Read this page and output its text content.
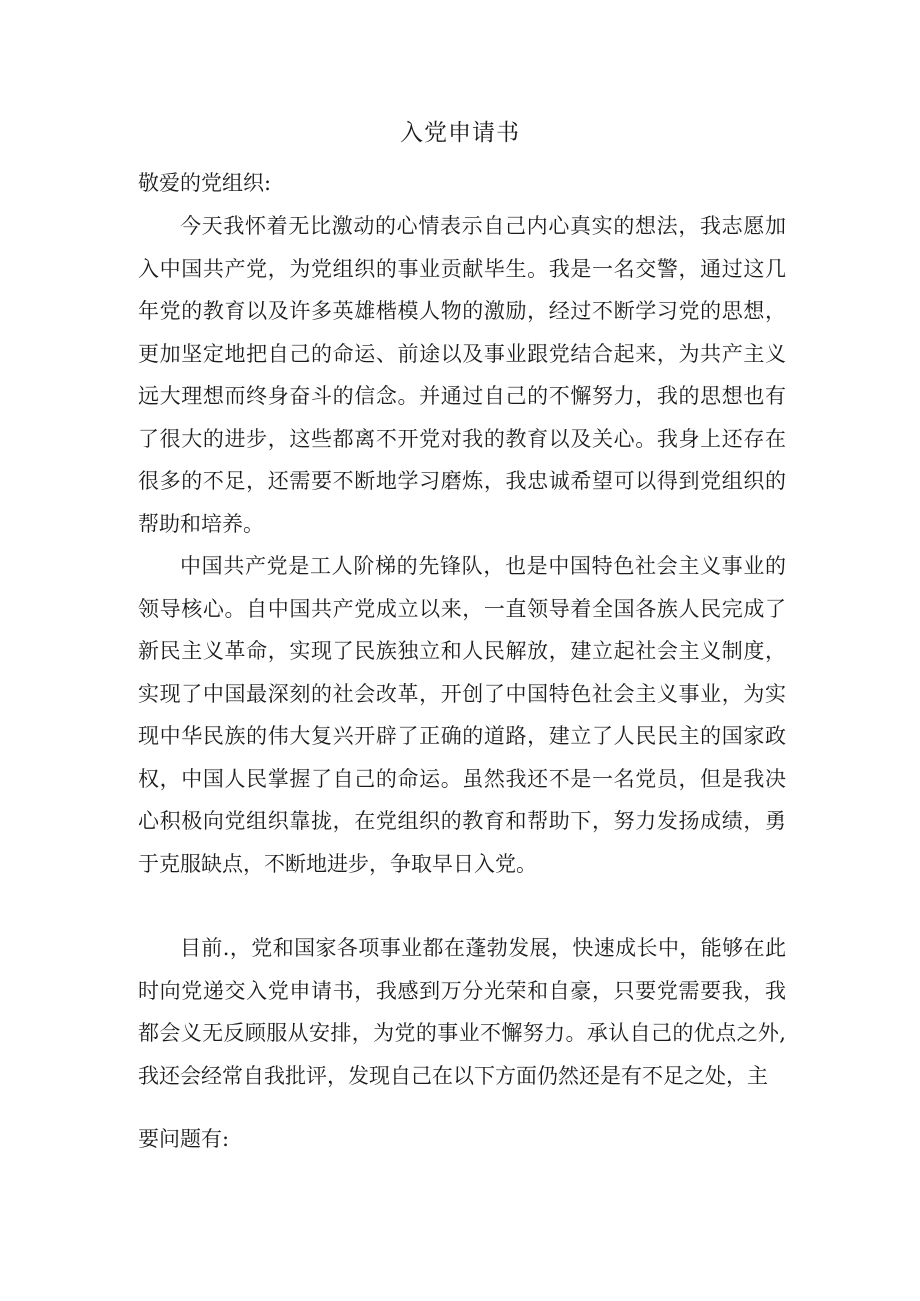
入党申请书
敬爱的党组织:

今天我怀着无比激动的心情表示自己内心真实的想法，我志愿加入中国共产党，为党组织的事业贡献毕生。我是一名交警，通过这几年党的教育以及许多英雄楷模人物的激励，经过不断学习党的思想，更加坚定地把自己的命运、前途以及事业跟党结合起来，为共产主义远大理想而终身奋斗的信念。并通过自己的不懈努力，我的思想也有了很大的进步，这些都离不开党对我的教育以及关心。我身上还存在很多的不足，还需要不断地学习磨炼，我忠诚希望可以得到党组织的帮助和培养。

中国共产党是工人阶梯的先锋队，也是中国特色社会主义事业的领导核心。自中国共产党成立以来，一直领导着全国各族人民完成了新民主义革命，实现了民族独立和人民解放，建立起社会主义制度，实现了中国最深刻的社会改革，开创了中国特色社会主义事业，为实现中华民族的伟大复兴开辟了正确的道路，建立了人民民主的国家政权，中国人民掌握了自己的命运。虽然我还不是一名党员，但是我决心积极向党组织靠拢，在党组织的教育和帮助下，努力发扬成绩，勇于克服缺点，不断地进步，争取早日入党。

目前.，党和国家各项事业都在蓬勃发展，快速成长中，能够在此时向党递交入党申请书，我感到万分光荣和自豪，只要党需要我，我都会义无反顾服从安排，为党的事业不懈努力。承认自己的优点之外,我还会经常自我批评，发现自己在以下方面仍然还是有不足之处，主

要问题有:
